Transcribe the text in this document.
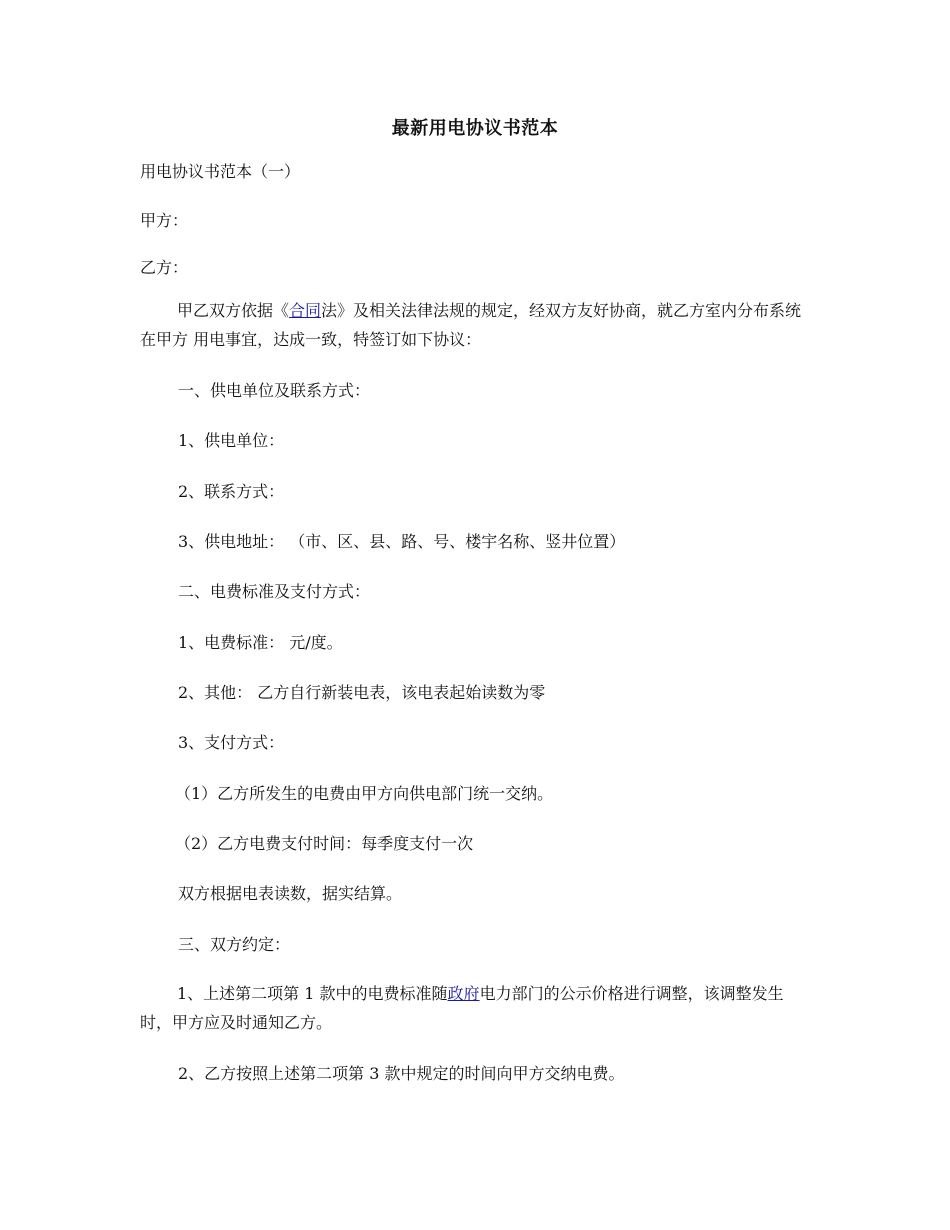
最新用电协议书范本
用电协议书范本（一）
甲方：
乙方：
甲乙双方依据《合同法》及相关法律法规的规定，经双方友好协商，就乙方室内分布系统在甲方 用电事宜，达成一致，特签订如下协议：
一、供电单位及联系方式：
1、供电单位：
2、联系方式：
3、供电地址： （市、区、县、路、号、楼宇名称、竖井位置）
二、电费标准及支付方式：
1、电费标准： 元/度。
2、其他： 乙方自行新装电表，该电表起始读数为零
3、支付方式：
（1）乙方所发生的电费由甲方向供电部门统一交纳。
（2）乙方电费支付时间：每季度支付一次
双方根据电表读数，据实结算。
三、双方约定：
1、上述第二项第 1 款中的电费标准随政府电力部门的公示价格进行调整，该调整发生时，甲方应及时通知乙方。
2、乙方按照上述第二项第 3 款中规定的时间向甲方交纳电费。
